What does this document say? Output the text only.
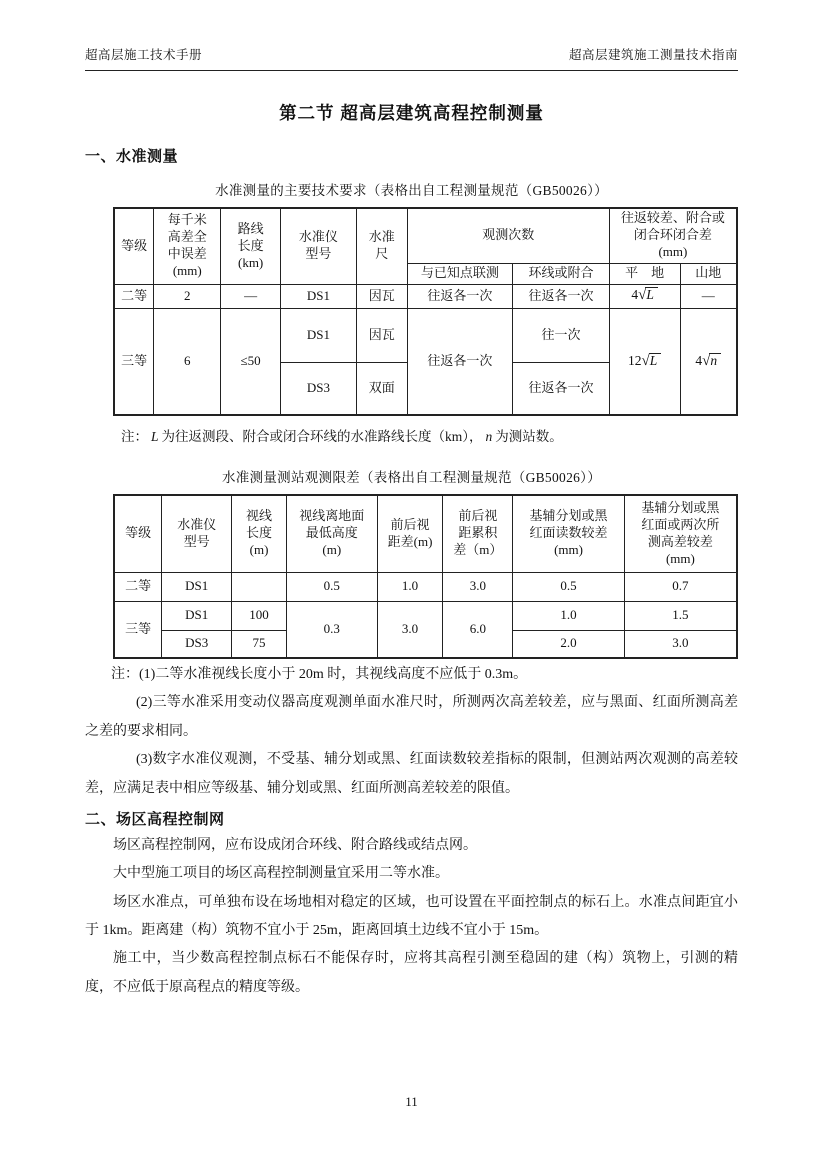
超高层施工技术手册	超高层建筑施工测量技术指南
第二节 超高层建筑高程控制测量
一、水准测量
水准测量的主要技术要求（表格出自工程测量规范（GB50026））
等级	每千米
高差全
中误差
(mm)	路线
长度
(km)	水准仪
型号	水准
尺	观测次数		往返较差、附合或
闭合环闭合差
(mm)	

					与已知点联测	环线或附合	平　地	山地
二等	2	—	DS1	因瓦	往返各一次	往返各一次	4√L	—
三等	6	≤50	DS1	因瓦	往返各一次	往一次	12√L	4√n
			DS3	双面		往返各一次		
注： L 为往返测段、附合或闭合环线的水准路线长度（km）， n 为测站数。
水准测量测站观测限差（表格出自工程测量规范（GB50026））
等级	水准仪
型号	视线
长度
(m)	视线离地面
最低高度
(m)	前后视
距差(m)	前后视
距累积
差（m）	基辅分划或黑
红面读数较差
(mm)	基辅分划或黑
红面或两次所
测高差较差
(mm)

二等	DS1		0.5	1.0	3.0	0.5	0.7
三等	DS1	100	0.3	3.0	6.0	1.0	1.5
	DS3	75				2.0	3.0

注：(1)二等水准视线长度小于 20m 时，其视线高度不应低于 0.3m。

(2)三等水准采用变动仪器高度观测单面水准尺时，所测两次高差较差，应与黑面、红面所测高差之差的要求相同。

(3)数字水准仪观测，不受基、辅分划或黑、红面读数较差指标的限制，但测站两次观测的高差较差，应满足表中相应等级基、辅分划或黑、红面所测高差较差的限值。

二、场区高程控制网

场区高程控制网，应布设成闭合环线、附合路线或结点网。

大中型施工项目的场区高程控制测量宜采用二等水准。

场区水准点，可单独布设在场地相对稳定的区域，也可设置在平面控制点的标石上。水准点间距宜小于 1km。距离建（构）筑物不宜小于 25m，距离回填土边线不宜小于 15m。

施工中，当少数高程控制点标石不能保存时，应将其高程引测至稳固的建（构）筑物上，引测的精度，不应低于原高程点的精度等级。

11
